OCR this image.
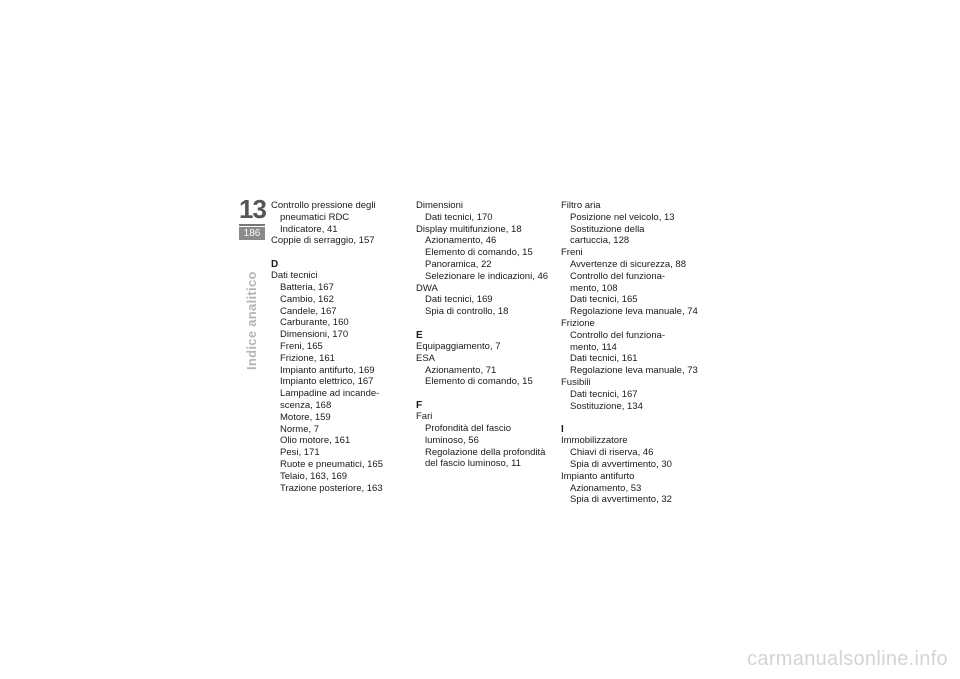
13
186
Indice analitico
Controllo pressione degli
pneumatici RDC
Indicatore, 41
Coppie di serraggio, 157
D
Dati tecnici
Batteria, 167
Cambio, 162
Candele, 167
Carburante, 160
Dimensioni, 170
Freni, 165
Frizione, 161
Impianto antifurto, 169
Impianto elettrico, 167
Lampadine ad incande-
scenza, 168
Motore, 159
Norme, 7
Olio motore, 161
Pesi, 171
Ruote e pneumatici, 165
Telaio, 163, 169
Trazione posteriore, 163
Dimensioni
Dati tecnici, 170
Display multifunzione, 18
Azionamento, 46
Elemento di comando, 15
Panoramica, 22
Selezionare le indicazioni, 46
DWA
Dati tecnici, 169
Spia di controllo, 18
E
Equipaggiamento, 7
ESA
Azionamento, 71
Elemento di comando, 15
F
Fari
Profondità del fascio
luminoso, 56
Regolazione della profondità
del fascio luminoso, 11
Filtro aria
Posizione nel veicolo, 13
Sostituzione della
cartuccia, 128
Freni
Avvertenze di sicurezza, 88
Controllo del funziona-
mento, 108
Dati tecnici, 165
Regolazione leva manuale, 74
Frizione
Controllo del funziona-
mento, 114
Dati tecnici, 161
Regolazione leva manuale, 73
Fusibili
Dati tecnici, 167
Sostituzione, 134
I
Immobilizzatore
Chiavi di riserva, 46
Spia di avvertimento, 30
Impianto antifurto
Azionamento, 53
Spia di avvertimento, 32
carmanualsonline.info
